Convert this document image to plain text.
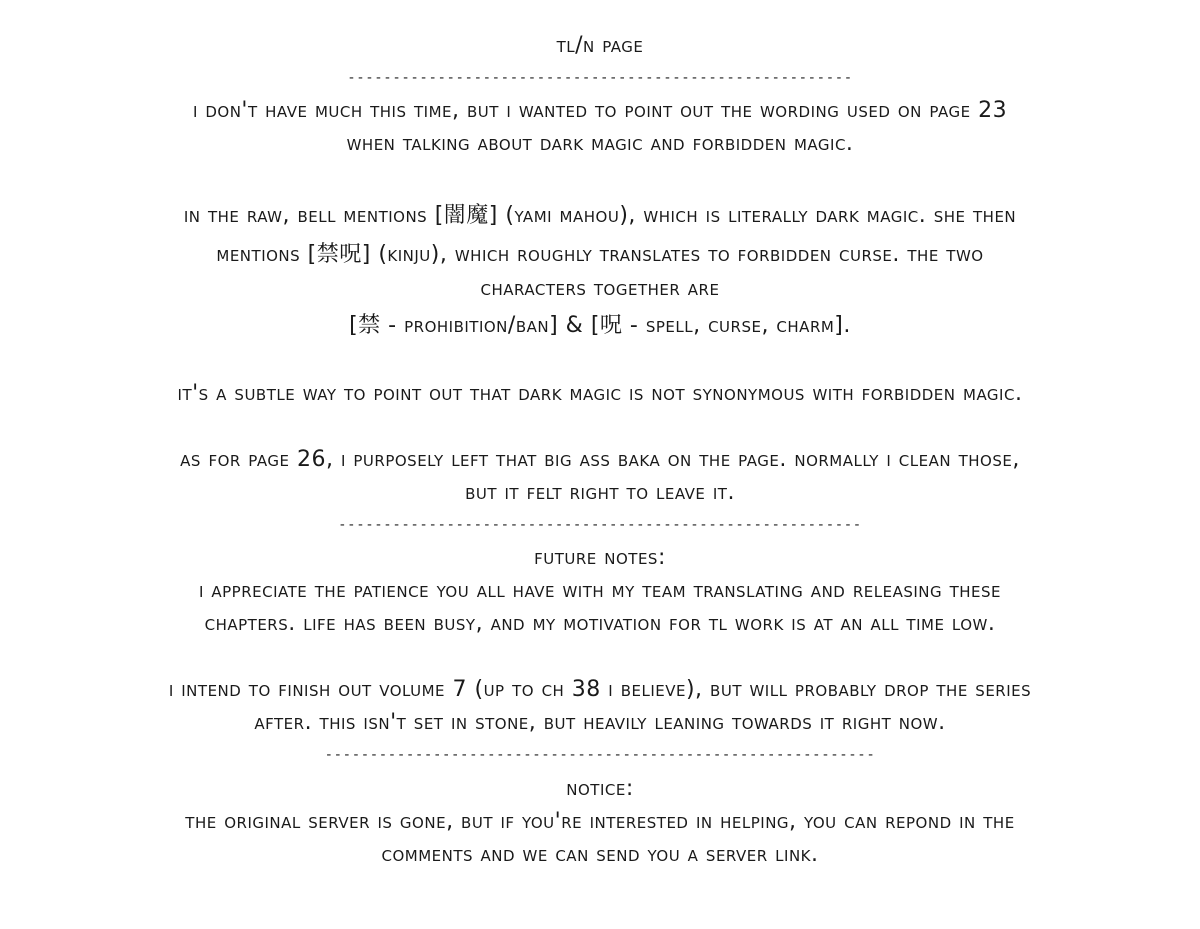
tl/n page
--------------------------------------------------------
i don't have much this time, but i wanted to point out the wording used on page 23
when talking about dark magic and forbidden magic.
in the raw, bell mentions [闇魔] (yami mahou), which is literally dark magic. she then
mentions [禁呪] (kinju), which roughly translates to forbidden curse. the two
characters together are
[禁 - prohibition/ban] & [呪 - spell, curse, charm].
it's a subtle way to point out that dark magic is not synonymous with forbidden magic.
as for page 26, i purposely left that big ass baka on the page. normally i clean those,
but it felt right to leave it.
----------------------------------------------------------
future notes:
i appreciate the patience you all have with my team translating and releasing these
chapters. life has been busy, and my motivation for tl work is at an all time low.
i intend to finish out volume 7 (up to ch 38 i believe), but will probably drop the series
after. this isn't set in stone, but heavily leaning towards it right now.
-------------------------------------------------------------
notice:
the original server is gone, but if you're interested in helping, you can repond in the
comments and we can send you a server link.
